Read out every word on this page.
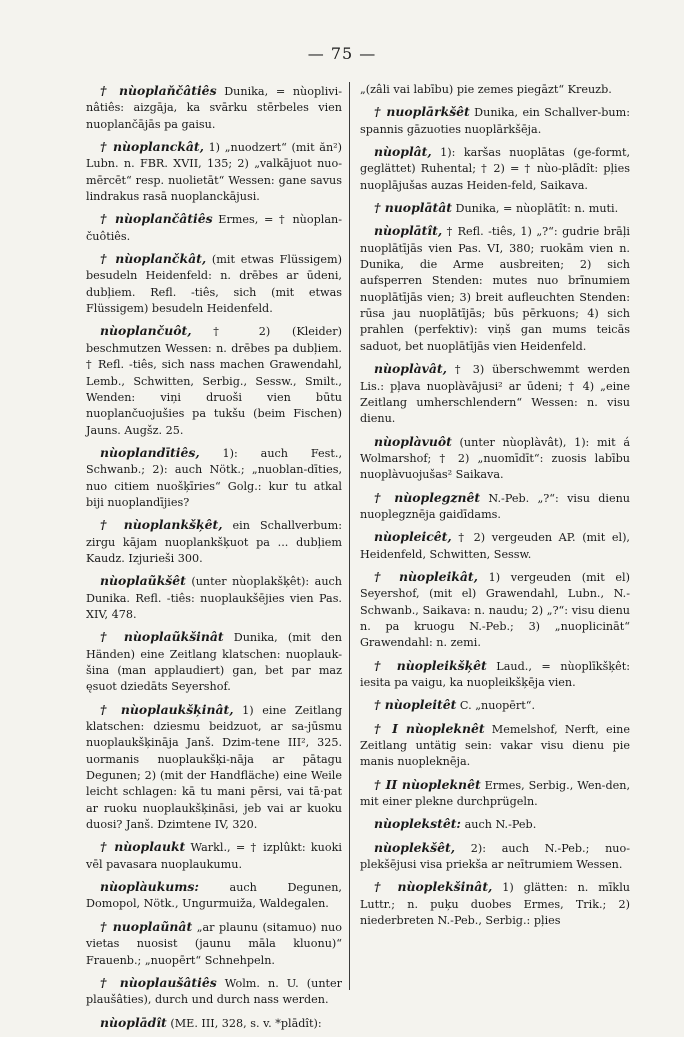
— 75 —

† nùoplaňčâtiês Dunika, = nùoplivi-nâtiês: aizgāja, ka svārku stērbeles vien nuoplančājās pa gaisu.

† nùoplanckât, 1) „nuodzert“ (mit ăn²) Lubn. n. FBR. XVII, 135; 2) „valkājuot nuo-mērcēt“ resp. nuolietāt“ Wessen: gane savus lindrakus rasā nuoplanckājusi.

† nùoplančâtiês Ermes, = † nùoplan-čuôtiês.

† nùoplančkât, (mit etwas Flüssigem) besudeln Heidenfeld: n. drēbes ar ūdeni, dubļiem. Refl. -tiês, sich (mit etwas Flüssigem) besudeln Heidenfeld.

nùoplančuôt, † 2) (Kleider) beschmutzen Wessen: n. drēbes pa dubļiem. † Refl. -tiês, sich nass machen Grawendahl, Lemb., Schwitten, Serbig., Sessw., Smilt., Wenden: viņi druoši vien būtu nuoplančuojušies pa tukšu (beim Fischen) Jauns. Augšz. 25.

nùoplandītiês, 1): auch Fest., Schwanb.; 2): auch Nötk.; „nuoblan-dīties, nuo citiem nuošķīries“ Golg.: kur tu atkal biji nuoplandījies?

† nùoplankšķêt, ein Schallverbum: zirgu kājam nuoplankšķuot pa ... dubļiem Kaudz. Izjurieši 300.

nùoplaũkšêt (unter nùoplakšķêt): auch Dunika. Refl. -tiês: nuoplaukšējies vien Pas. XIV, 478.

† nùoplaũkšinât Dunika, (mit den Händen) eine Zeitlang klatschen: nuoplauk-šina (man applaudiert) gan, bet par maz ęsuot dziedāts Seyershof.

† nùoplaukšķinât, 1) eine Zeitlang klatschen: dziesmu beidzuot, ar sa-jūsmu nuoplaukšķināja Janš. Dzim-tene III², 325. uormanis nuoplaukšķi-nāja ar pātagu Degunen; 2) (mit der Handfläche) eine Weile leicht schlagen: kā tu mani pērsi, vai tā·pat ar ruoku nuoplaukšķināsi, jeb vai ar kuoku duosi? Janš. Dzimtene IV, 320.

† nùoplaukt Warkl., = † izplûkt: kuoki vēl pavasara nuoplaukumu.

nùoplàukums: auch Degunen, Domopol, Nötk., Ungurmuiža, Waldegalen.

† nuoplaũnât „ar plaunu (sitamuo) nuo vietas nuosist (jaunu māla kluonu)“ Frauenb.; „nuopērt“ Schnehpeln.

† nùoplaušâtiês Wolm. n. U. (unter plaušâties), durch und durch nass werden.

nùoplādît (ME. III, 328, s. v. *plādît):

„(zâli vai labību) pie zemes piegāzt“ Kreuzb.

† nuoplārkšêt Dunika, ein Schallver-bum: spannis gāzuoties nuoplārkšēja.

nùoplât, 1): karšas nuoplātas (ge-formt, geglättet) Ruhental; † 2) = † nùo-plādît: pļies nuoplājušas auzas Heiden-feld, Saikava.

† nuoplātât Dunika, = nùoplātît: n. muti.

nùoplātît, † Refl. -tiês, 1) „?“: gudrie brāļi nuoplātījās vien Pas. VI, 380; ruokām vien n. Dunika, die Arme ausbreiten; 2) sich aufsperren Stenden: mutes nuo brīnumiem nuoplātījās vien; 3) breit aufleuchten Stenden: rūsa jau nuoplātījās; būs pērkuons; 4) sich prahlen (perfektiv): viņš gan mums teicās saduot, bet nuoplātījās vien Heidenfeld.

nùoplàvât, † 3) überschwemmt werden Lis.: pļava nuoplàvājusi² ar ūdeni; † 4) „eine Zeitlang umherschlendern“ Wessen: n. visu dienu.

nùoplàvuôt (unter nùoplàvât), 1): mit á Wolmarshof; † 2) „nuomīdīt“: zuosis labību nuoplàvuojušas² Saikava.

† nùoplegznêt N.-Peb. „?“: visu dienu nuoplegznēja gaidīdams.

nùopleicêt, † 2) vergeuden AP. (mit el), Heidenfeld, Schwitten, Sessw.

† nùopleikât, 1) vergeuden (mit el) Seyershof, (mit el) Grawendahl, Lubn., N.-Schwanb., Saikava: n. naudu; 2) „?“: visu dienu n. pa kruogu N.-Peb.; 3) „nuoplicināt“ Grawendahl: n. zemi.

† nùopleikšķêt Laud., = nùoplīkšķêt: iesita pa vaigu, ka nuopleikšķēja vien.

† nùopleitêt C. „nuopērt“.

† I nùopleknêt Memelshof, Nerft, eine Zeitlang untätig sein: vakar visu dienu pie manis nuopleknēja.

† II nùopleknêt Ermes, Serbig., Wen-den, mit einer plekne durchprügeln.

nùoplekstêt: auch N.-Peb.

nùoplekšêt, 2): auch N.-Peb.; nuo-plekšējusi visa priekša ar neītrumiem Wessen.

† nùoplekšinât, 1) glätten: n. mīklu Luttr.; n. puķu duobes Ermes, Trik.; 2) niederbreten N.-Peb., Serbig.: pļies
